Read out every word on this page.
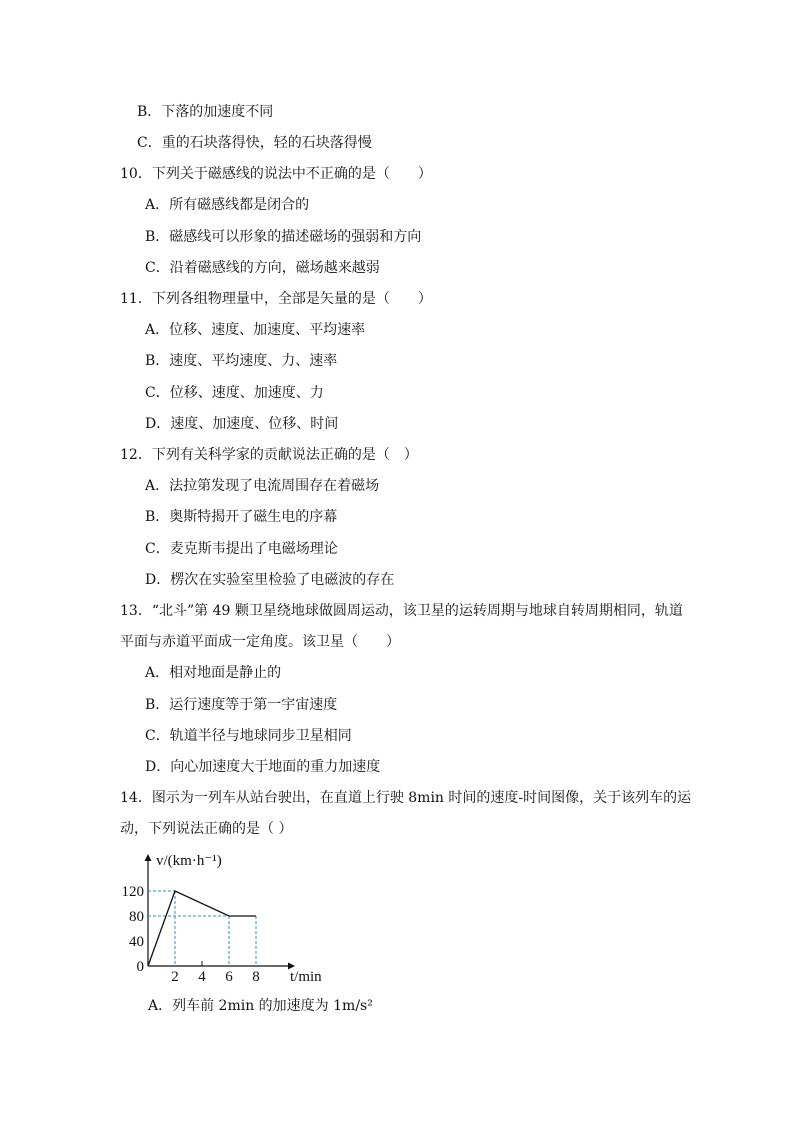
B．下落的加速度不同
C．重的石块落得快，轻的石块落得慢
10．下列关于磁感线的说法中不正确的是（　　）
A．所有磁感线都是闭合的
B．磁感线可以形象的描述磁场的强弱和方向
C．沿着磁感线的方向，磁场越来越弱
11．下列各组物理量中，全部是矢量的是（　　）
A．位移、速度、加速度、平均速率
B．速度、平均速度、力、速率
C．位移、速度、加速度、力
D．速度、加速度、位移、时间
12．下列有关科学家的贡献说法正确的是（　）
A．法拉第发现了电流周围存在着磁场
B．奥斯特揭开了磁生电的序幕
C．麦克斯韦提出了电磁场理论
D．楞次在实验室里检验了电磁波的存在
13．“北斗”第 49 颗卫星绕地球做圆周运动，该卫星的运转周期与地球自转周期相同，轨道
平面与赤道平面成一定角度。该卫星（　　）
A．相对地面是静止的
B．运行速度等于第一宇宙速度
C．轨道半径与地球同步卫星相同
D．向心加速度大于地面的重力加速度
14．图示为一列车从站台驶出，在直道上行驶 8min 时间的速度-时间图像，关于该列车的运
动，下列说法正确的是（ ）
0
40
80
120
2 4 6 8
v/(km·h⁻¹)
t/min
A．列车前 2min 的加速度为 1m/s²
